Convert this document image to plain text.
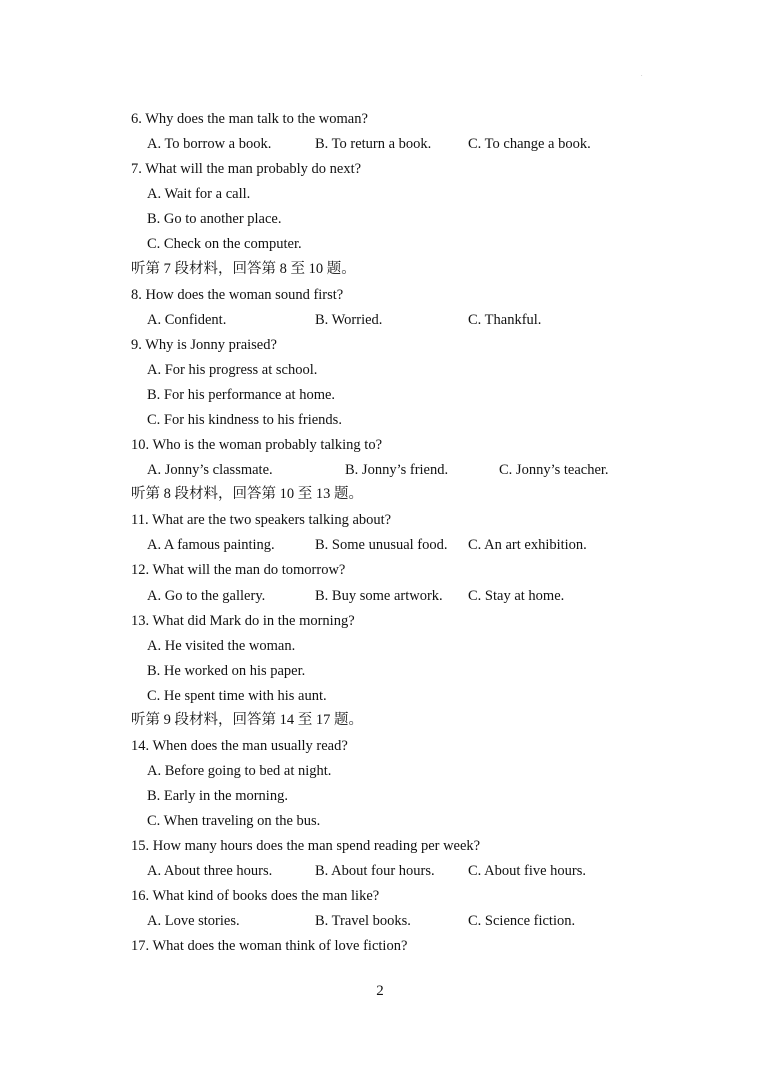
.
6. Why does the man talk to the woman?
A. To borrow a book.	B. To return a book.	C. To change a book.
7. What will the man probably do next?
A. Wait for a call.
B. Go to another place.
C. Check on the computer.
听第 7 段材料，回答第 8 至 10 题。
8. How does the woman sound first?
A. Confident.	B. Worried.	C. Thankful.
9. Why is Jonny praised?
A. For his progress at school.
B. For his performance at home.
C. For his kindness to his friends.
10. Who is the woman probably talking to?
A. Jonny’s classmate.	B. Jonny’s friend.	C. Jonny’s teacher.
听第 8 段材料，回答第 10 至 13 题。
11. What are the two speakers talking about?
A. A famous painting.	B. Some unusual food. C. An art exhibition.
12. What will the man do tomorrow?
A. Go to the gallery.	B. Buy some artwork. C. Stay at home.
13. What did Mark do in the morning?
A. He visited the woman.
B. He worked on his paper.
C. He spent time with his aunt.
听第 9 段材料，回答第 14 至 17 题。
14. When does the man usually read?
A. Before going to bed at night.
B. Early in the morning.
C. When traveling on the bus.
15. How many hours does the man spend reading per week?
A. About three hours.	B. About four hours. C. About five hours.
16. What kind of books does the man like?
A. Love stories.	B. Travel books.	C. Science fiction.
17. What does the woman think of love fiction?
2
